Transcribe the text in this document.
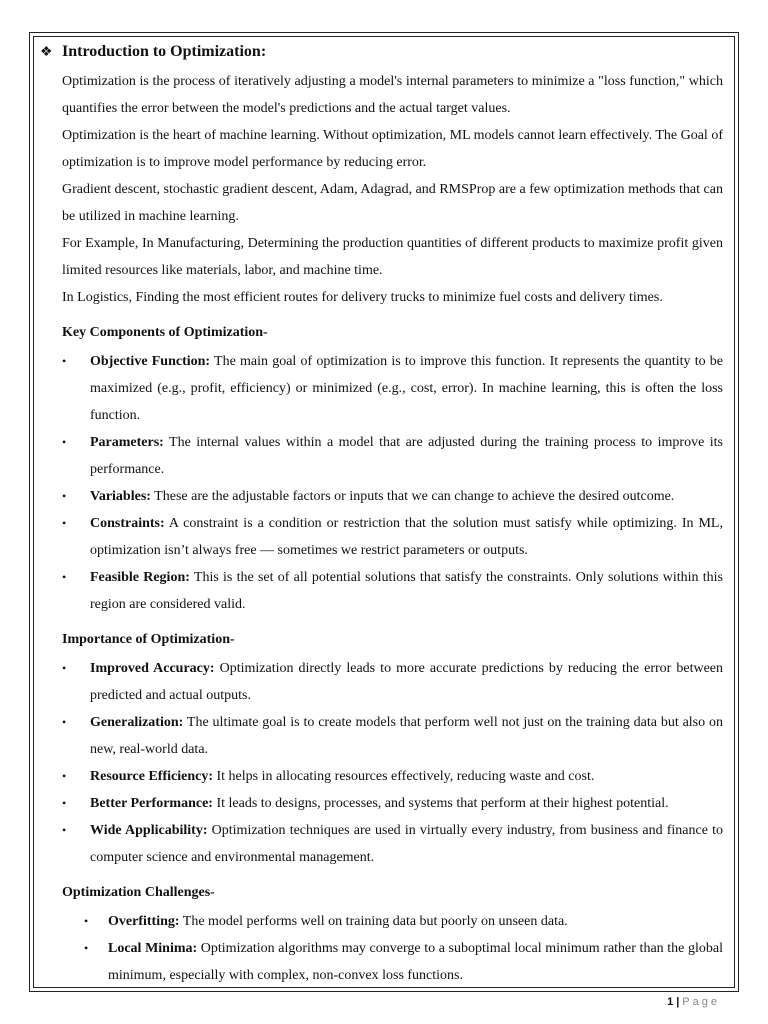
❖ Introduction to Optimization:

Optimization is the process of iteratively adjusting a model's internal parameters to minimize a "loss function," which quantifies the error between the model's predictions and the actual target values.

Optimization is the heart of machine learning. Without optimization, ML models cannot learn effectively. The Goal of optimization is to improve model performance by reducing error.

Gradient descent, stochastic gradient descent, Adam, Adagrad, and RMSProp are a few optimization methods that can be utilized in machine learning.

For Example, In Manufacturing, Determining the production quantities of different products to maximize profit given limited resources like materials, labor, and machine time.

In Logistics, Finding the most efficient routes for delivery trucks to minimize fuel costs and delivery times.

Key Components of Optimization-
• Objective Function: The main goal of optimization is to improve this function. It represents the quantity to be maximized (e.g., profit, efficiency) or minimized (e.g., cost, error). In machine learning, this is often the loss function.
• Parameters: The internal values within a model that are adjusted during the training process to improve its performance.
• Variables: These are the adjustable factors or inputs that we can change to achieve the desired outcome.
• Constraints: A constraint is a condition or restriction that the solution must satisfy while optimizing. In ML, optimization isn’t always free — sometimes we restrict parameters or outputs.
• Feasible Region: This is the set of all potential solutions that satisfy the constraints. Only solutions within this region are considered valid.
Importance of Optimization-
• Improved Accuracy: Optimization directly leads to more accurate predictions by reducing the error between predicted and actual outputs.
• Generalization: The ultimate goal is to create models that perform well not just on the training data but also on new, real-world data.
• Resource Efficiency: It helps in allocating resources effectively, reducing waste and cost.
• Better Performance: It leads to designs, processes, and systems that perform at their highest potential.
• Wide Applicability: Optimization techniques are used in virtually every industry, from business and finance to computer science and environmental management.
Optimization Challenges-
• Overfitting: The model performs well on training data but poorly on unseen data.
• Local Minima: Optimization algorithms may converge to a suboptimal local minimum rather than the global minimum, especially with complex, non-convex loss functions.
1 | Page
